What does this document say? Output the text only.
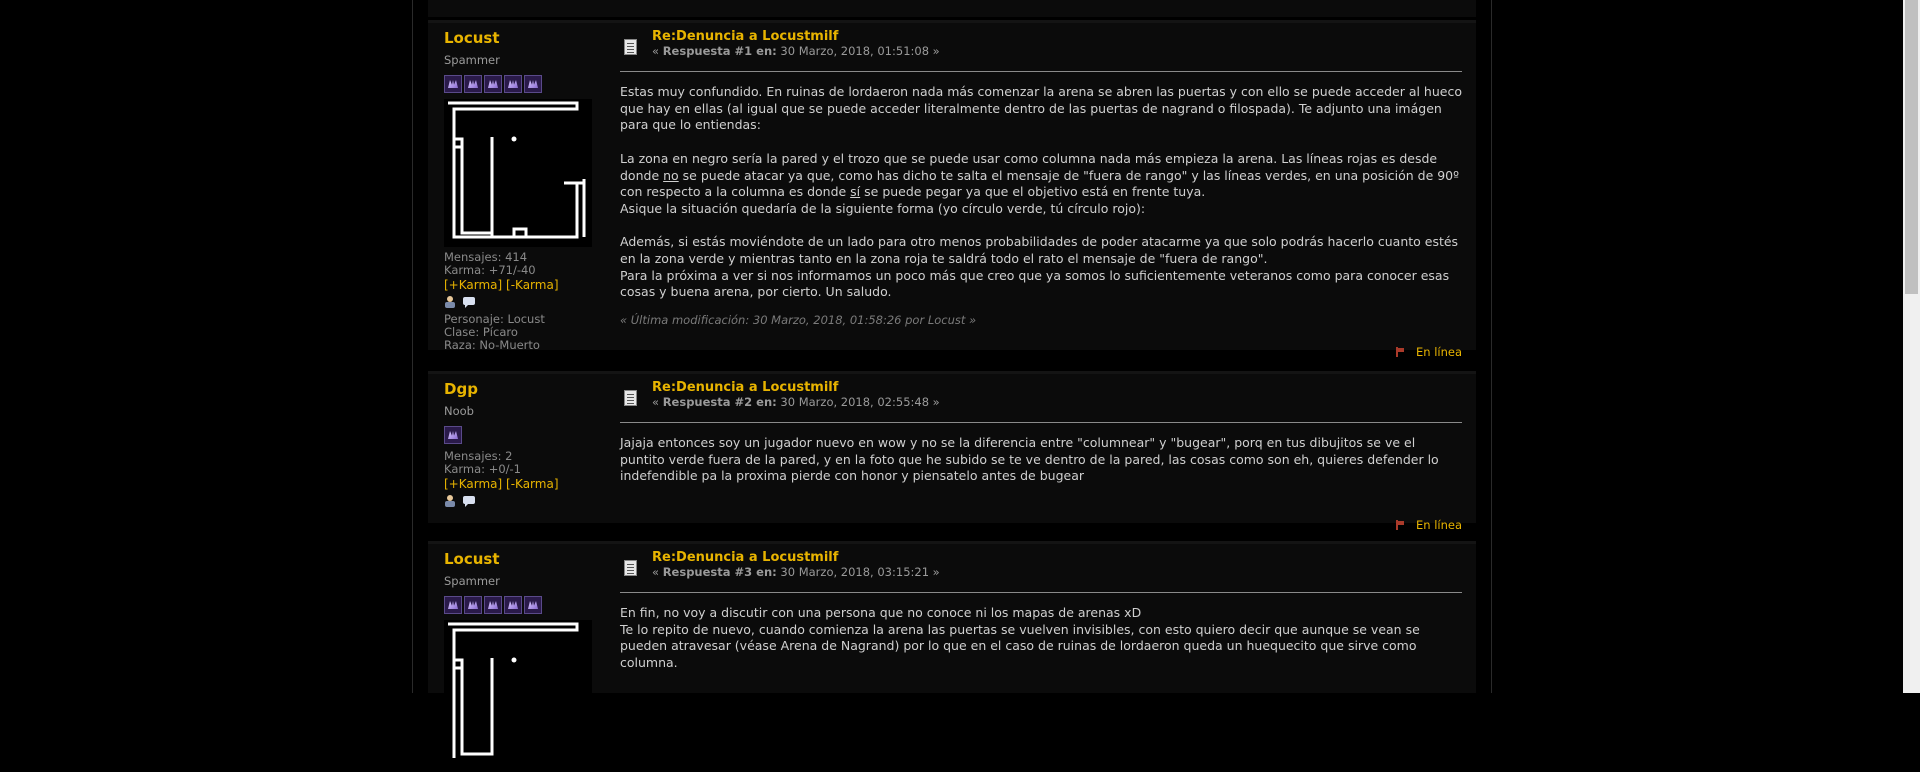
Locust
Spammer
Mensajes: 414
Karma: +71/-40
[+Karma] [-Karma]
Personaje: Locust
Clase: Pícaro
Raza: No-Muerto
Re:Denuncia a Locustmilf
« Respuesta #1 en: 30 Marzo, 2018, 01:51:08 »

Estas muy confundido. En ruinas de lordaeron nada más comenzar la arena se abren las puertas y con ello se puede acceder al hueco que hay en ellas (al igual que se puede acceder literalmente dentro de las puertas de nagrand o filospada). Te adjunto una imágen para que lo entiendas:

La zona en negro sería la pared y el trozo que se puede usar como columna nada más empieza la arena. Las líneas rojas es desde donde no se puede atacar ya que, como has dicho te salta el mensaje de "fuera de rango" y las líneas verdes, en una posición de 90º con respecto a la columna es donde sí se puede pegar ya que el objetivo está en frente tuya.

Asique la situación quedaría de la siguiente forma (yo círculo verde, tú círculo rojo):

Además, si estás moviéndote de un lado para otro menos probabilidades de poder atacarme ya que solo podrás hacerlo cuanto estés en la zona verde y mientras tanto en la zona roja te saldrá todo el rato el mensaje de "fuera de rango".

Para la próxima a ver si nos informamos un poco más que creo que ya somos lo suficientemente veteranos como para conocer esas cosas y buena arena, por cierto. Un saludo.

« Última modificación: 30 Marzo, 2018, 01:58:26 por Locust »
En línea
Dgp
Noob
Mensajes: 2
Karma: +0/-1
[+Karma] [-Karma]
Re:Denuncia a Locustmilf
« Respuesta #2 en: 30 Marzo, 2018, 02:55:48 »

Jajaja entonces soy un jugador nuevo en wow y no se la diferencia entre "columnear" y "bugear", porq en tus dibujitos se ve el puntito verde fuera de la pared, y en la foto que he subido se te ve dentro de la pared, las cosas como son eh, quieres defender lo indefendible pa la proxima pierde con honor y piensatelo antes de bugear

En línea
Locust
Spammer
Re:Denuncia a Locustmilf
« Respuesta #3 en: 30 Marzo, 2018, 03:15:21 »

En fin, no voy a discutir con una persona que no conoce ni los mapas de arenas xD

Te lo repito de nuevo, cuando comienza la arena las puertas se vuelven invisibles, con esto quiero decir que aunque se vean se pueden atravesar (véase Arena de Nagrand) por lo que en el caso de ruinas de lordaeron queda un huequecito que sirve como columna.
